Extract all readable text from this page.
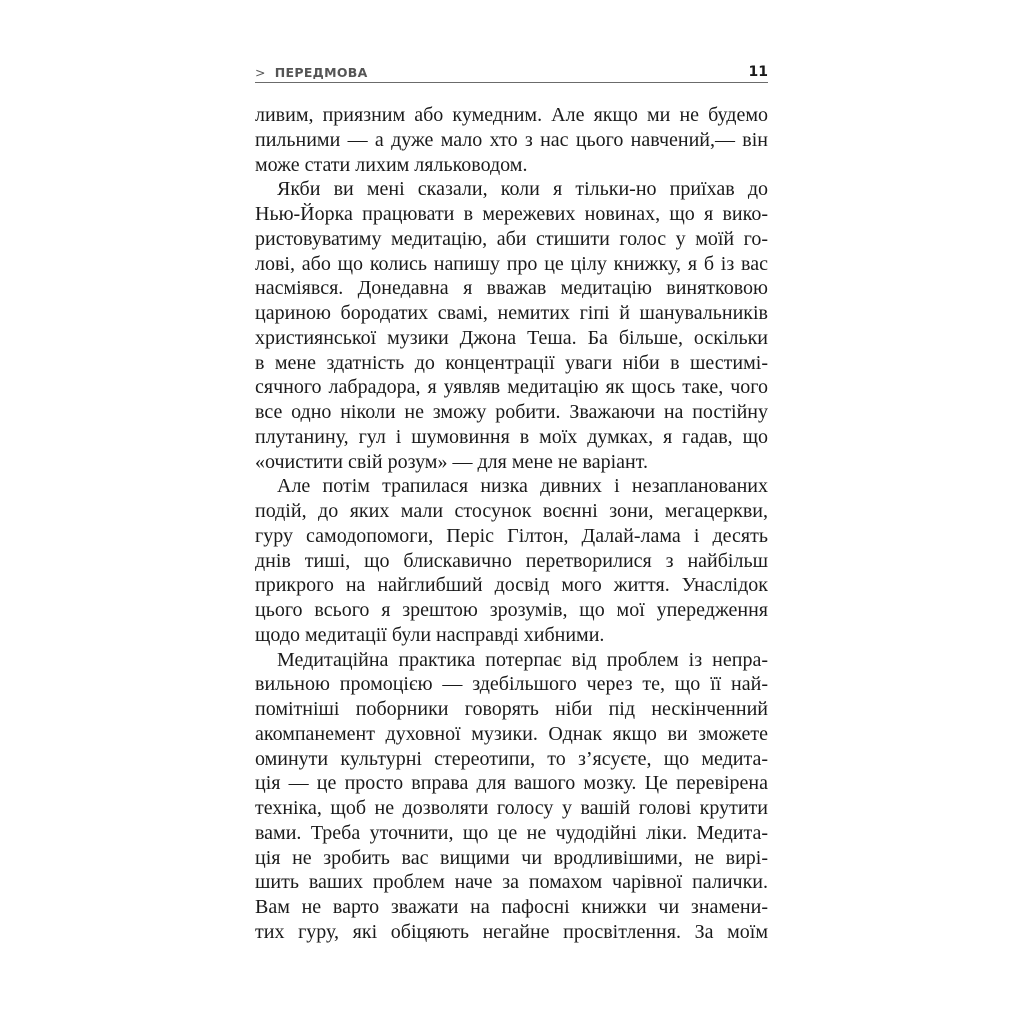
> ПЕРЕДМОВА	11
ливим, приязним або кумедним. Але якщо ми не будемо
пильними — а дуже мало хто з нас цього навчений,— він
може стати лихим ляльководом.
Якби ви мені сказали, коли я тільки-но приїхав до
Нью-Йорка працювати в мережевих новинах, що я вико-
ристовуватиму медитацію, аби стишити голос у моїй го-
лові, або що колись напишу про це цілу книжку, я б із вас
насміявся. Донедавна я вважав медитацію винятковою
цариною бородатих свамі, немитих гіпі й шанувальників
християнської музики Джона Теша. Ба більше, оскільки
в мене здатність до концентрації уваги ніби в шестимі-
сячного лабрадора, я уявляв медитацію як щось таке, чого
все одно ніколи не зможу робити. Зважаючи на постійну
плутанину, гул і шумовиння в моїх думках, я гадав, що
«очистити свій розум» — для мене не варіант.
Але потім трапилася низка дивних і незапланованих
подій, до яких мали стосунок воєнні зони, мегацеркви,
гуру самодопомоги, Періс Гілтон, Далай-лама і десять
днів тиші, що блискавично перетворилися з найбільш
прикрого на найглибший досвід мого життя. Унаслідок
цього всього я зрештою зрозумів, що мої упередження
щодо медитації були насправді хибними.
Медитаційна практика потерпає від проблем із непра-
вильною промоцією — здебільшого через те, що її най-
помітніші поборники говорять ніби під нескінченний
акомпанемент духовної музики. Однак якщо ви зможете
оминути культурні стереотипи, то з’ясуєте, що медита-
ція — це просто вправа для вашого мозку. Це перевірена
техніка, щоб не дозволяти голосу у вашій голові крутити
вами. Треба уточнити, що це не чудодійні ліки. Медита-
ція не зробить вас вищими чи вродливішими, не вирі-
шить ваших проблем наче за помахом чарівної палички.
Вам не варто зважати на пафосні книжки чи знамени-
тих гуру, які обіцяють негайне просвітлення. За моїм
